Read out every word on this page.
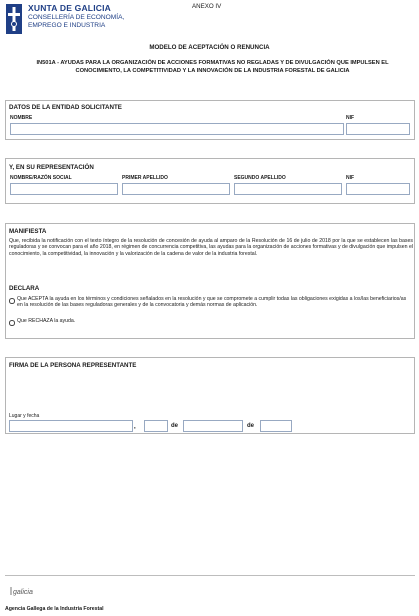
XUNTA DE GALICIA
CONSELLERÍA DE ECONOMÍA,
EMPREGO E INDUSTRIA
ANEXO IV
MODELO DE ACEPTACIÓN O RENUNCIA
IN501A - AYUDAS PARA LA ORGANIZACIÓN DE ACCIONES FORMATIVAS NO REGLADAS Y DE DIVULGACIÓN QUE IMPULSEN EL CONOCIMIENTO, LA COMPETITIVIDAD Y LA INNOVACIÓN DE LA INDUSTRIA FORESTAL DE GALICIA
DATOS DE LA ENTIDAD SOLICITANTE
NOMBRE	NIF
Y, EN SU REPRESENTACIÓN
NOMBRE/RAZÓN SOCIAL	PRIMER APELLIDO	SEGUNDO APELLIDO	NIF
MANIFIESTA
Que, recibida la notificación con el texto íntegro de la resolución de concesión de ayuda al amparo de la Resolución de 16 de julio de 2018 por la que se establecen las bases reguladoras y se convocan para el año 2018, en régimen de concurrencia competitiva, las ayudas para la organización de acciones formativas y de divulgación que impulsen el conocimiento, la competitividad, la innovación y la valorización de la cadena de valor de la industria forestal.
DECLARA
Que ACEPTA la ayuda en los términos y condiciones señalados en la resolución y que se compromete a cumplir todas las obligaciones exigidas a los/las beneficiarios/as en la resolución de las bases reguladoras generales y de la convocatoria y demás normas de aplicación.
Que RECHAZA la ayuda.
FIRMA DE LA PERSONA REPRESENTANTE
Lugar y fecha
,	de	de
galicia
Agencia Gallega de la Industria Forestal
